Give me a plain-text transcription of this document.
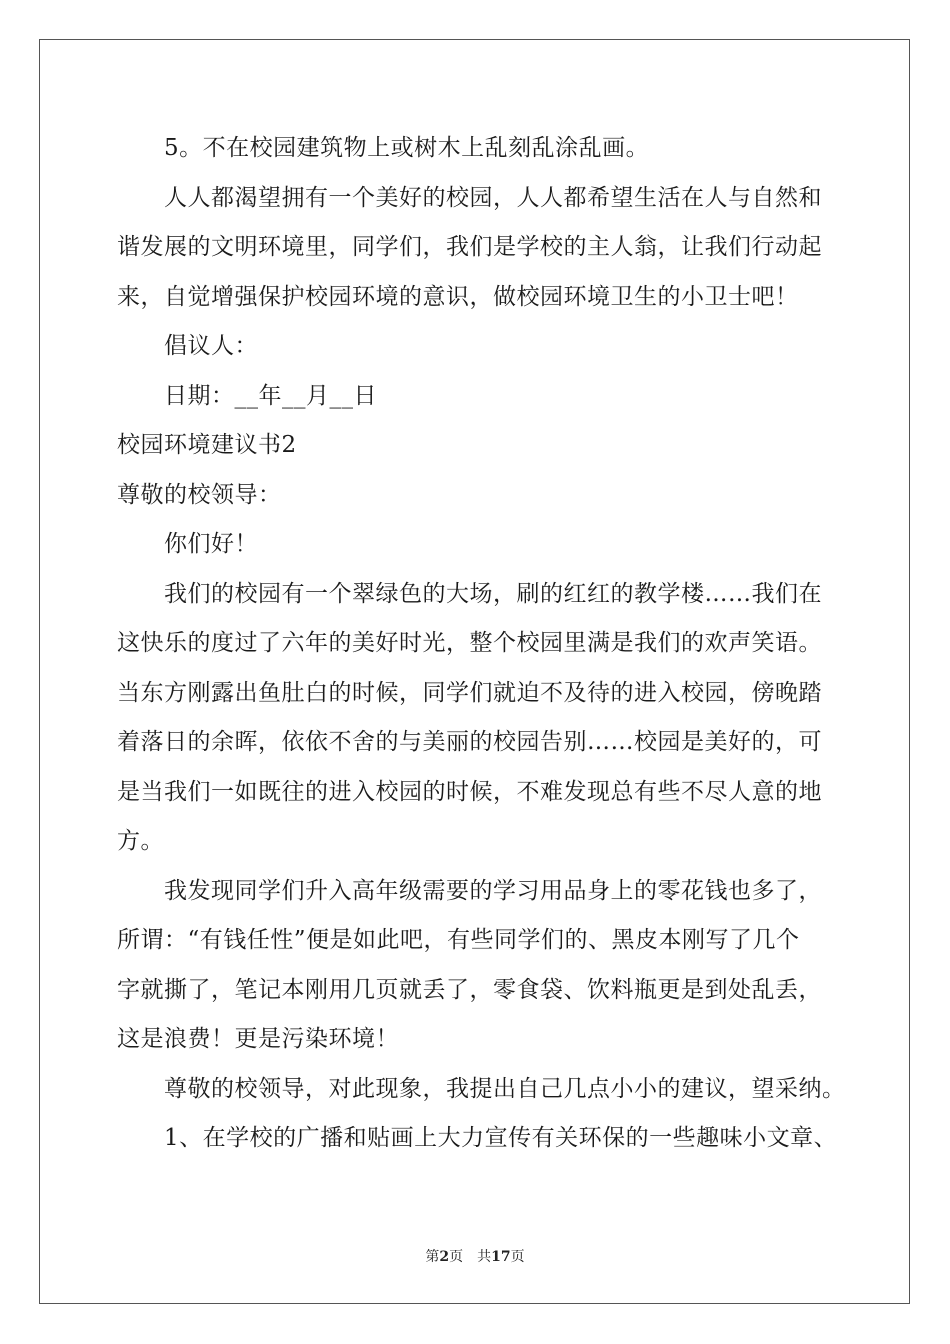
5。不在校园建筑物上或树木上乱刻乱涂乱画。
人人都渴望拥有一个美好的校园，人人都希望生活在人与自然和
谐发展的文明环境里，同学们，我们是学校的主人翁，让我们行动起
来，自觉增强保护校园环境的意识，做校园环境卫生的小卫士吧！
倡议人：
日期：__年__月__日
校园环境建议书2
尊敬的校领导：
你们好！
我们的校园有一个翠绿色的大场，刷的红红的教学楼……我们在
这快乐的度过了六年的美好时光，整个校园里满是我们的欢声笑语。
当东方刚露出鱼肚白的时候，同学们就迫不及待的进入校园，傍晚踏
着落日的余晖，依依不舍的与美丽的校园告别……校园是美好的，可
是当我们一如既往的进入校园的时候，不难发现总有些不尽人意的地
方。
我发现同学们升入高年级需要的学习用品身上的零花钱也多了，
所谓：“有钱任性”便是如此吧，有些同学们的、黑皮本刚写了几个
字就撕了，笔记本刚用几页就丢了，零食袋、饮料瓶更是到处乱丢，
这是浪费！更是污染环境！
尊敬的校领导，对此现象，我提出自己几点小小的建议，望采纳。
1、在学校的广播和贴画上大力宣传有关环保的一些趣味小文章、
第2页　共17页
